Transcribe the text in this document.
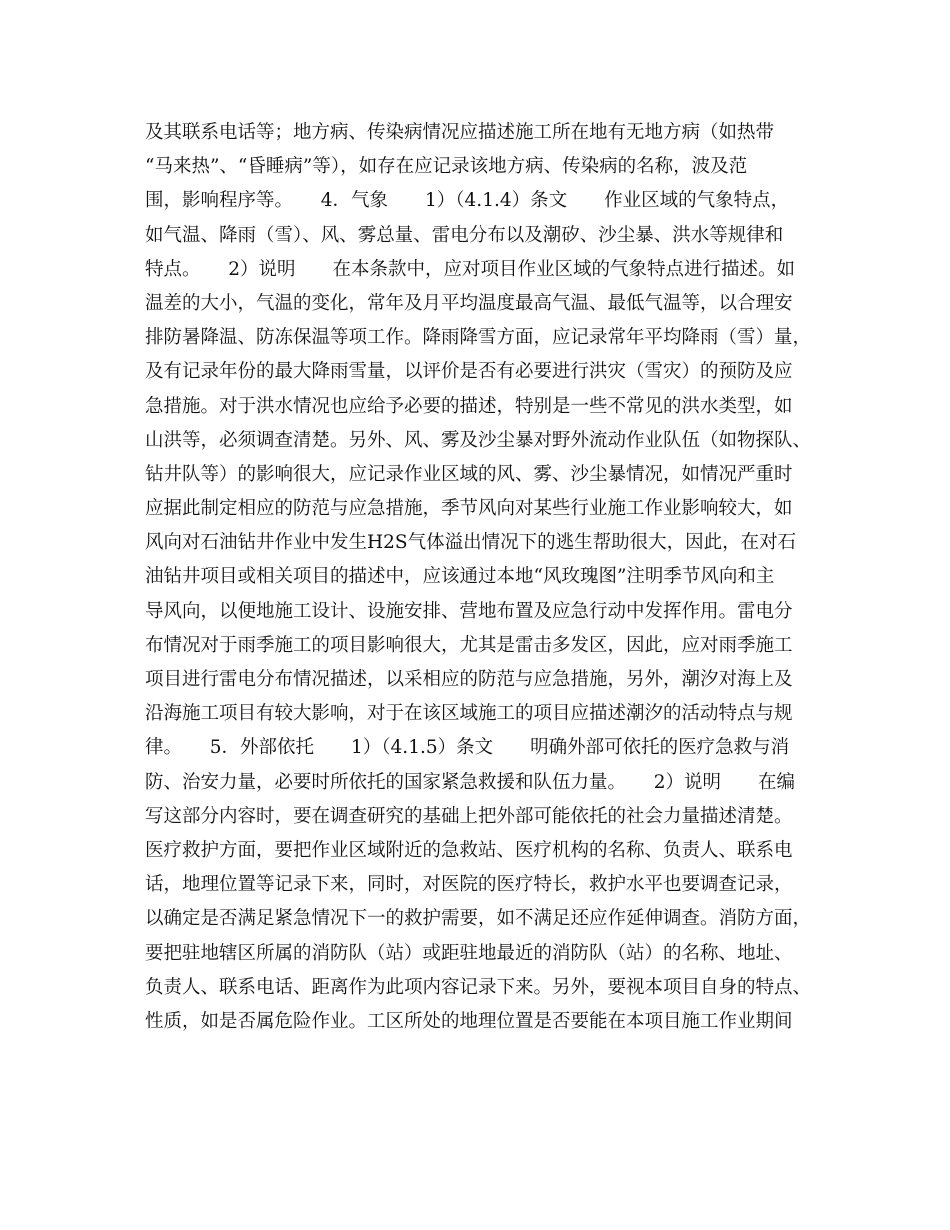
及其联系电话等；地方病、传染病情况应描述施工所在地有无地方病（如热带
“马来热”、“昏睡病”等），如存在应记录该地方病、传染病的名称，波及范
围，影响程序等。　　4．气象　　1）（4.1.4）条文　　作业区域的气象特点，
如气温、降雨（雪）、风、雾总量、雷电分布以及潮矽、沙尘暴、洪水等规律和
特点。　　2）说明　　在本条款中，应对项目作业区域的气象特点进行描述。如
温差的大小，气温的变化，常年及月平均温度最高气温、最低气温等，以合理安
排防暑降温、防冻保温等项工作。降雨降雪方面，应记录常年平均降雨（雪）量，
及有记录年份的最大降雨雪量，以评价是否有必要进行洪灾（雪灾）的预防及应
急措施。对于洪水情况也应给予必要的描述，特别是一些不常见的洪水类型，如
山洪等，必须调查清楚。另外、风、雾及沙尘暴对野外流动作业队伍（如物探队、
钻井队等）的影响很大，应记录作业区域的风、雾、沙尘暴情况，如情况严重时
应据此制定相应的防范与应急措施，季节风向对某些行业施工作业影响较大，如
风向对石油钻井作业中发生H2S气体溢出情况下的逃生帮助很大，因此，在对石
油钻井项目或相关项目的描述中，应该通过本地“风玫瑰图”注明季节风向和主
导风向，以便地施工设计、设施安排、营地布置及应急行动中发挥作用。雷电分
布情况对于雨季施工的项目影响很大，尤其是雷击多发区，因此，应对雨季施工
项目进行雷电分布情况描述，以采相应的防范与应急措施，另外，潮汐对海上及
沿海施工项目有较大影响，对于在该区域施工的项目应描述潮汐的活动特点与规
律。　　5．外部依托　　1）（4.1.5）条文　　明确外部可依托的医疗急救与消
防、治安力量，必要时所依托的国家紧急救援和队伍力量。　　2）说明　　在编
写这部分内容时，要在调查研究的基础上把外部可能依托的社会力量描述清楚。
医疗救护方面，要把作业区域附近的急救站、医疗机构的名称、负责人、联系电
话，地理位置等记录下来，同时，对医院的医疗特长，救护水平也要调查记录，
以确定是否满足紧急情况下一的救护需要，如不满足还应作延伸调查。消防方面，
要把驻地辖区所属的消防队（站）或距驻地最近的消防队（站）的名称、地址、
负责人、联系电话、距离作为此项内容记录下来。另外，要视本项目自身的特点、
性质，如是否属危险作业。工区所处的地理位置是否要能在本项目施工作业期间
